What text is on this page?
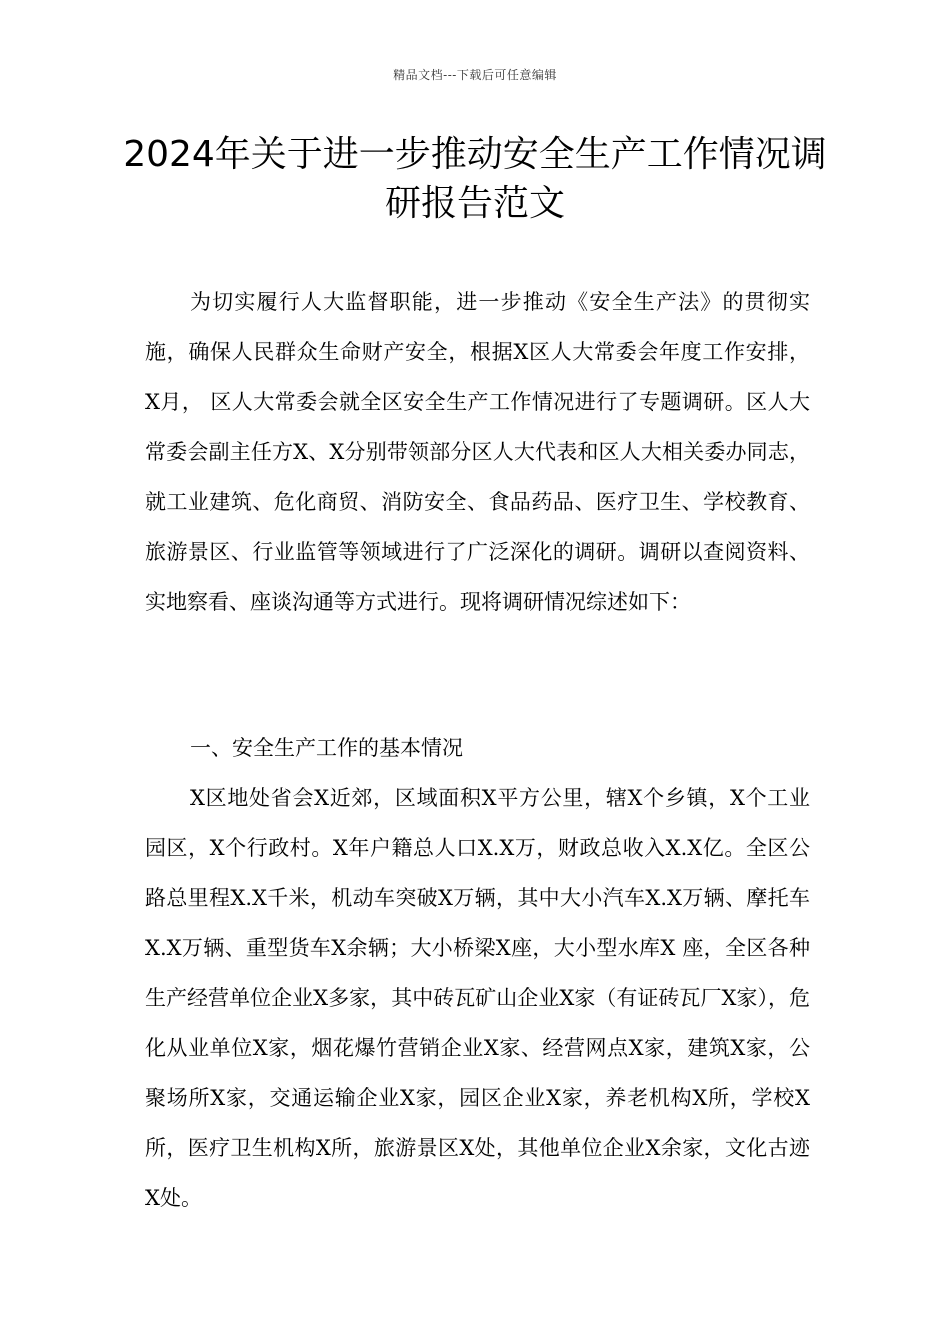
精品文档---下载后可任意编辑
2024年关于进一步推动安全生产工作情况调研报告范文

为切实履行人大监督职能，进一步推动《安全生产法》的贯彻实施，确保人民群众生命财产安全，根据X区人大常委会年度工作安排， X月， 区人大常委会就全区安全生产工作情况进行了专题调研。区人大常委会副主任方X、X分别带领部分区人大代表和区人大相关委办同志，就工业建筑、危化商贸、消防安全、食品药品、医疗卫生、学校教育、旅游景区、行业监管等领域进行了广泛深化的调研。调研以查阅资料、实地察看、座谈沟通等方式进行。现将调研情况综述如下：

一、安全生产工作的基本情况

X区地处省会X近郊，区域面积X平方公里，辖X个乡镇，X个工业园区，X个行政村。X年户籍总人口X.X万，财政总收入X.X亿。全区公路总里程X.X千米，机动车突破X万辆，其中大小汽车X.X万辆、摩托车X.X万辆、重型货车X余辆；大小桥梁X座，大小型水库X 座，全区各种生产经营单位企业X多家，其中砖瓦矿山企业X家（有证砖瓦厂X家），危化从业单位X家，烟花爆竹营销企业X家、经营网点X家，建筑X家，公聚场所X家，交通运输企业X家，园区企业X家，养老机构X所，学校X所，医疗卫生机构X所，旅游景区X处，其他单位企业X余家，文化古迹X处。
